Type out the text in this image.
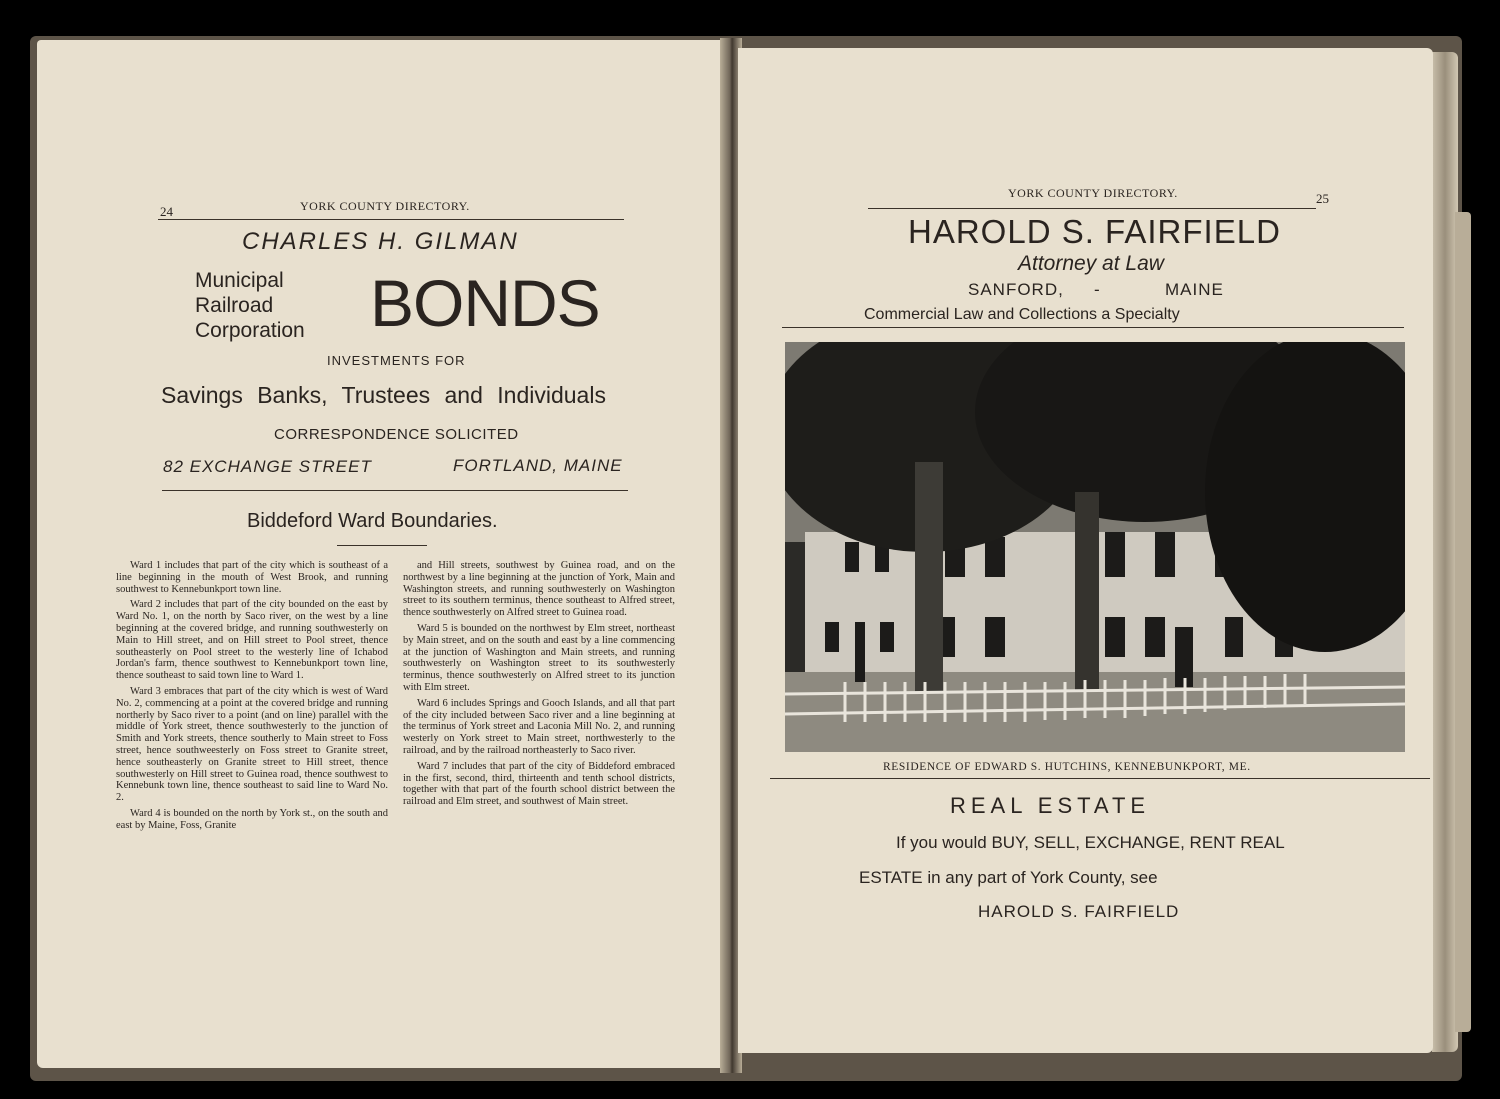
24	YORK COUNTY DIRECTORY.
CHARLES H. GILMAN
Municipal
Railroad
Corporation BONDS
INVESTMENTS FOR
Savings Banks, Trustees and Individuals
CORRESPONDENCE SOLICITED
82 EXCHANGE STREET	FORTLAND, MAINE
Biddeford Ward Boundaries.

Ward 1 includes that part of the city which is southeast of a line beginning in the mouth of West Brook, and running southwest to Kennebunkport town line.

Ward 2 includes that part of the city bounded on the east by Ward No. 1, on the north by Saco river, on the west by a line beginning at the covered bridge, and running southwesterly on Main to Hill street, and on Hill street to Pool street, thence southeasterly on Pool street to the westerly line of Ichabod Jordan's farm, thence southwest to Kennebunkport town line, thence southeast to said town line to Ward 1.

Ward 3 embraces that part of the city which is west of Ward No. 2, commencing at a point at the covered bridge and running northerly by Saco river to a point (and on line) parallel with the middle of York street, thence southwesterly to the junction of Smith and York streets, thence southerly to Main street to Foss street, hence southweesterly on Foss street to Granite street, hence southeasterly on Granite street to Hill street, thence southwesterly on Hill street to Guinea road, thence southwest to Kennebunk town line, thence southeast to said line to Ward No. 2.

Ward 4 is bounded on the north by York st., on the south and east by Maine, Foss, Granite

and Hill streets, southwest by Guinea road, and on the northwest by a line beginning at the junction of York, Main and Washington streets, and running southwesterly on Washington street to its southern terminus, thence southeast to Alfred street, thence southwesterly on Alfred street to Guinea road.

Ward 5 is bounded on the northwest by Elm street, northeast by Main street, and on the south and east by a line commencing at the junction of Washington and Main streets, and running southwesterly on Washington street to its southwesterly terminus, thence southwesterly on Alfred street to its junction with Elm street.

Ward 6 includes Springs and Gooch Islands, and all that part of the city included between Saco river and a line beginning at the terminus of York street and Laconia Mill No. 2, and running westerly on York street to Main street, northwesterly to the railroad, and by the railroad northeasterly to Saco river.

Ward 7 includes that part of the city of Biddeford embraced in the first, second, third, thirteenth and tenth school districts, together with that part of the fourth school district between the railroad and Elm street, and southwest of Main street.

YORK COUNTY DIRECTORY.	25
HAROLD S. FAIRFIELD
Attorney at Law
SANFORD, -	MAINE
Commercial Law and Collections a Specialty
RESIDENCE OF EDWARD S. HUTCHINS, KENNEBUNKPORT, ME.
REAL ESTATE
If you would BUY, SELL, EXCHANGE, RENT REAL
ESTATE in any part of York County, see
HAROLD S. FAIRFIELD
